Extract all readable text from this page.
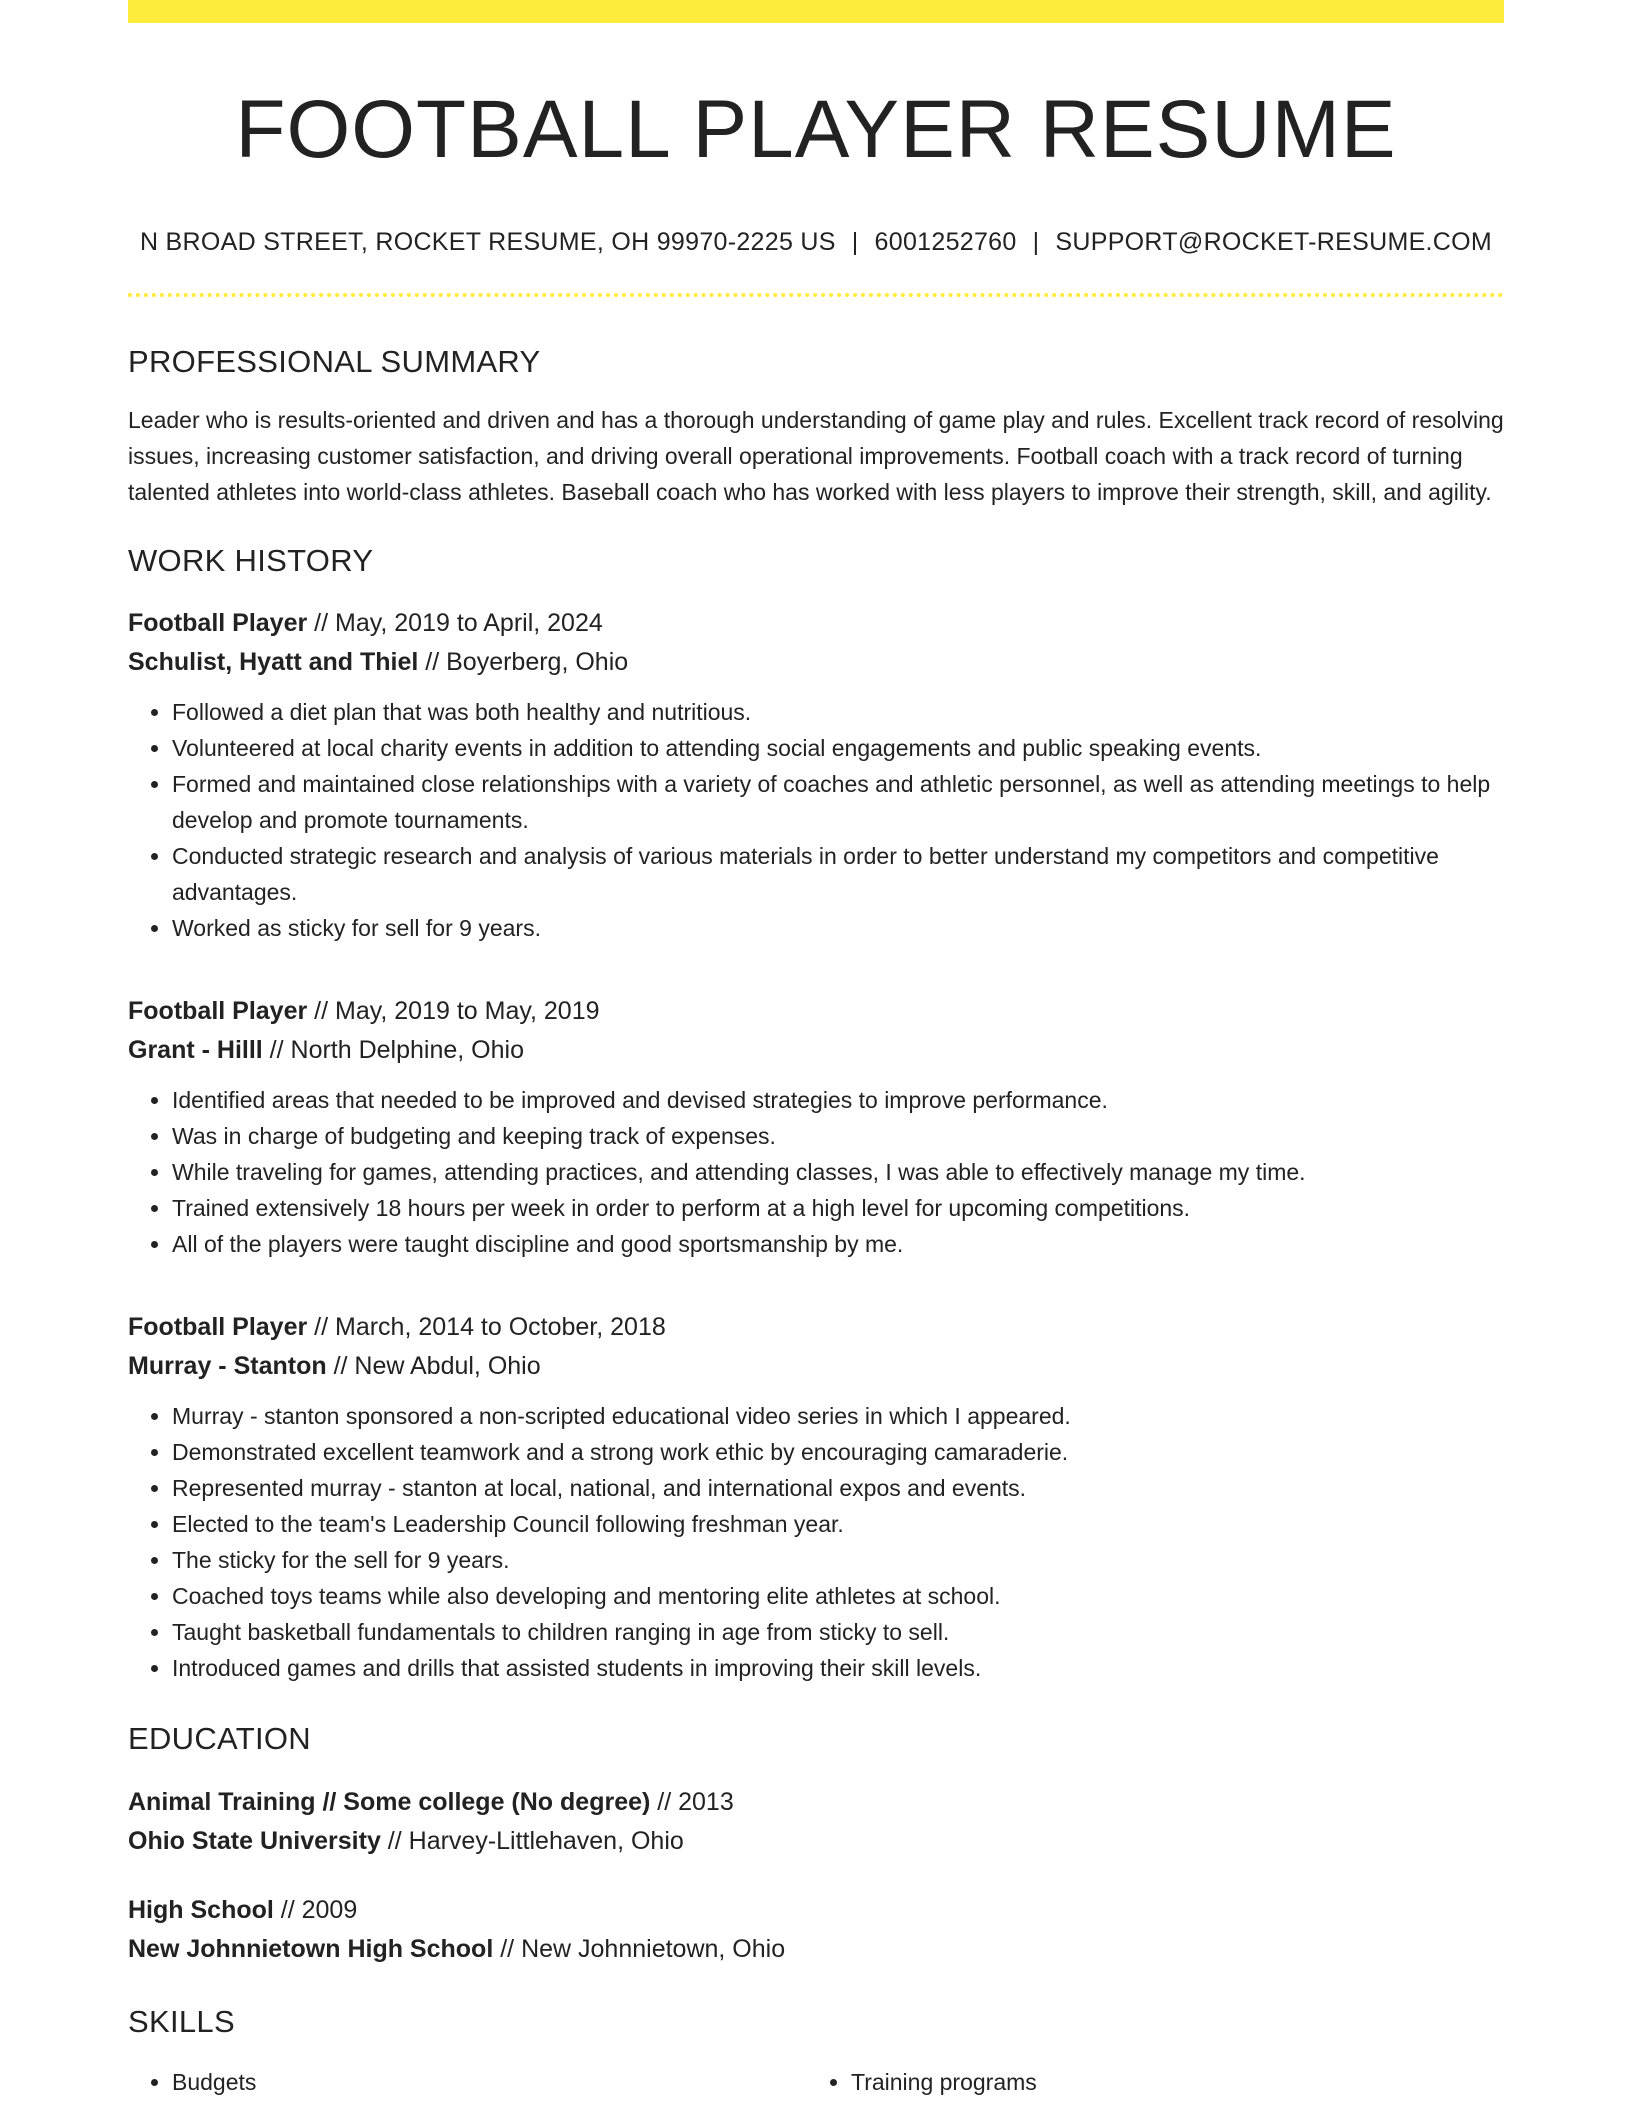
FOOTBALL PLAYER RESUME
N BROAD STREET, ROCKET RESUME, OH 99970-2225 US | 6001252760 | SUPPORT@ROCKET-RESUME.COM
PROFESSIONAL SUMMARY

Leader who is results-oriented and driven and has a thorough understanding of game play and rules. Excellent track record of resolving issues, increasing customer satisfaction, and driving overall operational improvements. Football coach with a track record of turning talented athletes into world-class athletes. Baseball coach who has worked with less players to improve their strength, skill, and agility.

WORK HISTORY
Football Player // May, 2019 to April, 2024
Schulist, Hyatt and Thiel // Boyerberg, Ohio
• Followed a diet plan that was both healthy and nutritious.
• Volunteered at local charity events in addition to attending social engagements and public speaking events.
• Formed and maintained close relationships with a variety of coaches and athletic personnel, as well as attending meetings to help develop and promote tournaments.
• Conducted strategic research and analysis of various materials in order to better understand my competitors and competitive advantages.
• Worked as sticky for sell for 9 years.
Football Player // May, 2019 to May, 2019
Grant - Hilll // North Delphine, Ohio
• Identified areas that needed to be improved and devised strategies to improve performance.
• Was in charge of budgeting and keeping track of expenses.
• While traveling for games, attending practices, and attending classes, I was able to effectively manage my time.
• Trained extensively 18 hours per week in order to perform at a high level for upcoming competitions.
• All of the players were taught discipline and good sportsmanship by me.
Football Player // March, 2014 to October, 2018
Murray - Stanton // New Abdul, Ohio
• Murray - stanton sponsored a non-scripted educational video series in which I appeared.
• Demonstrated excellent teamwork and a strong work ethic by encouraging camaraderie.
• Represented murray - stanton at local, national, and international expos and events.
• Elected to the team's Leadership Council following freshman year.
• The sticky for the sell for 9 years.
• Coached toys teams while also developing and mentoring elite athletes at school.
• Taught basketball fundamentals to children ranging in age from sticky to sell.
• Introduced games and drills that assisted students in improving their skill levels.
EDUCATION
Animal Training // Some college (No degree) // 2013
Ohio State University // Harvey-Littlehaven, Ohio
High School // 2009
New Johnnietown High School // New Johnnietown, Ohio
SKILLS
• Budgets
•	Training programs
